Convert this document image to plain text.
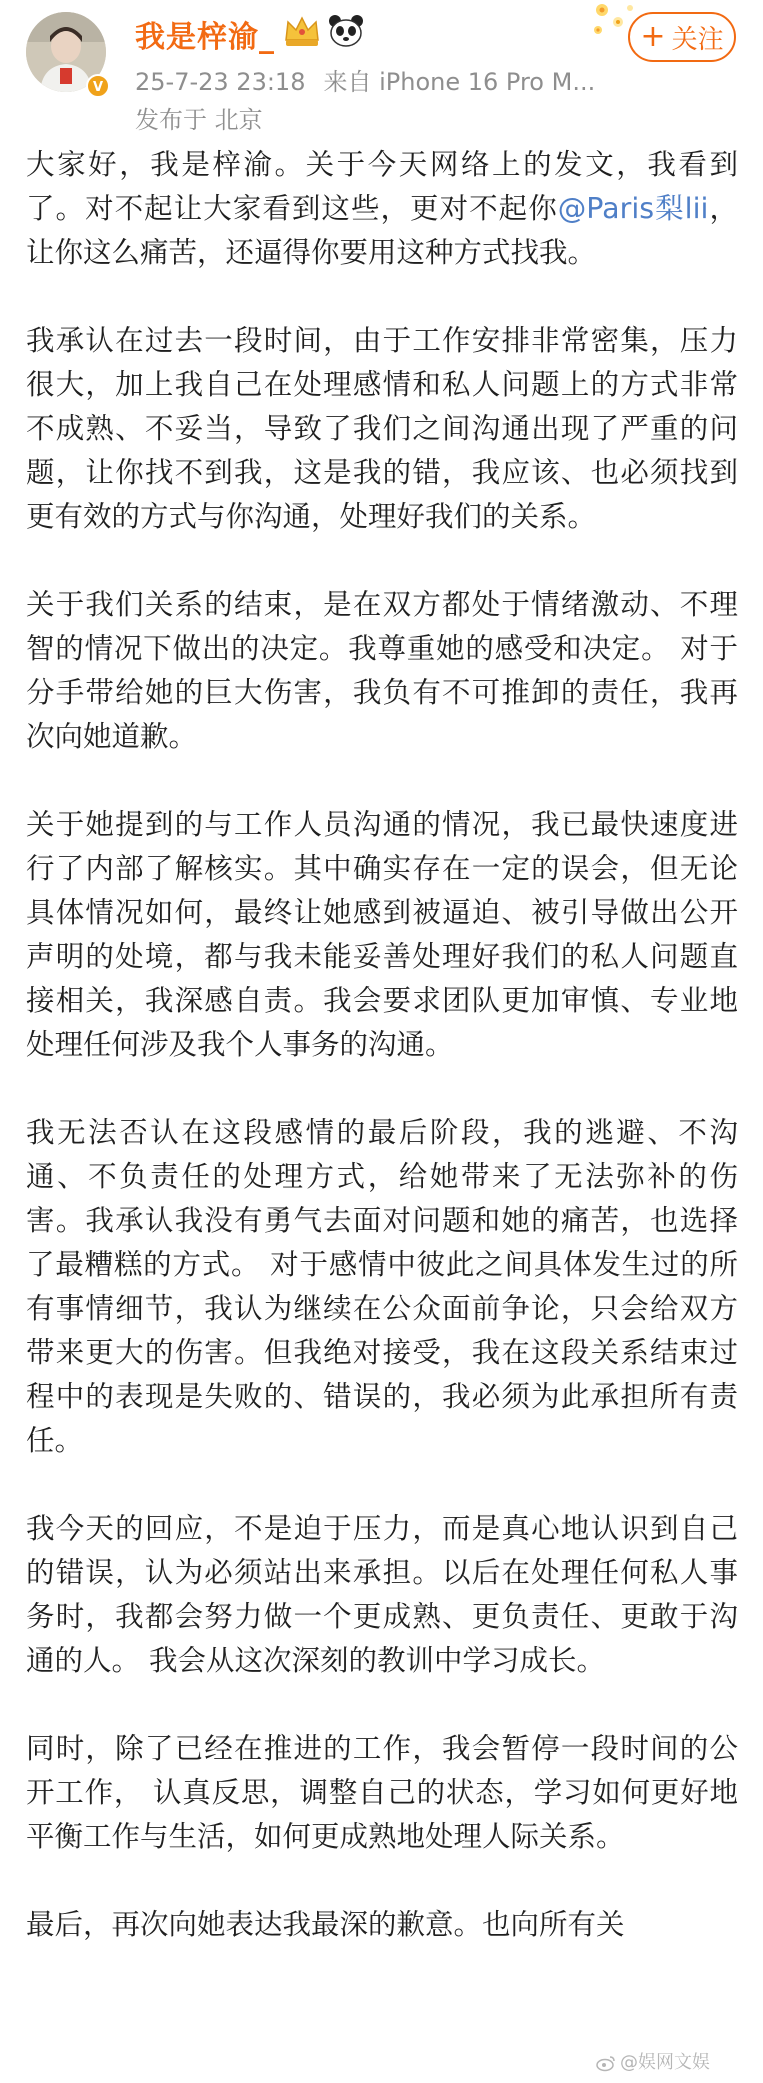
V
我是梓渝_
25-7-23 23:18 来自 iPhone 16 Pro M...
发布于 北京
+ 关注

大家好，我是梓渝。关于今天网络上的发文，我看到了。对不起让大家看到这些，更对不起你@Paris梨lii，让你这么痛苦，还逼得你要用这种方式找我。

我承认在过去一段时间，由于工作安排非常密集，压力很大，加上我自己在处理感情和私人问题上的方式非常不成熟、不妥当，导致了我们之间沟通出现了严重的问题，让你找不到我，这是我的错，我应该、也必须找到更有效的方式与你沟通，处理好我们的关系。

关于我们关系的结束，是在双方都处于情绪激动、不理智的情况下做出的决定。我尊重她的感受和决定。 对于分手带给她的巨大伤害，我负有不可推卸的责任，我再次向她道歉。

关于她提到的与工作人员沟通的情况，我已最快速度进行了内部了解核实。其中确实存在一定的误会，但无论具体情况如何，最终让她感到被逼迫、被引导做出公开声明的处境，都与我未能妥善处理好我们的私人问题直接相关，我深感自责。我会要求团队更加审慎、专业地处理任何涉及我个人事务的沟通。

我无法否认在这段感情的最后阶段，我的逃避、不沟通、不负责任的处理方式，给她带来了无法弥补的伤害。我承认我没有勇气去面对问题和她的痛苦，也选择了最糟糕的方式。 对于感情中彼此之间具体发生过的所有事情细节，我认为继续在公众面前争论，只会给双方带来更大的伤害。但我绝对接受，我在这段关系结束过程中的表现是失败的、错误的，我必须为此承担所有责任。

我今天的回应，不是迫于压力，而是真心地认识到自己的错误，认为必须站出来承担。以后在处理任何私人事务时，我都会努力做一个更成熟、更负责任、更敢于沟通的人。 我会从这次深刻的教训中学习成长。

同时，除了已经在推进的工作，我会暂停一段时间的公开工作， 认真反思，调整自己的状态，学习如何更好地平衡工作与生活，如何更成熟地处理人际关系。

最后，再次向她表达我最深的歉意。也向所有关

@娱网文娱
